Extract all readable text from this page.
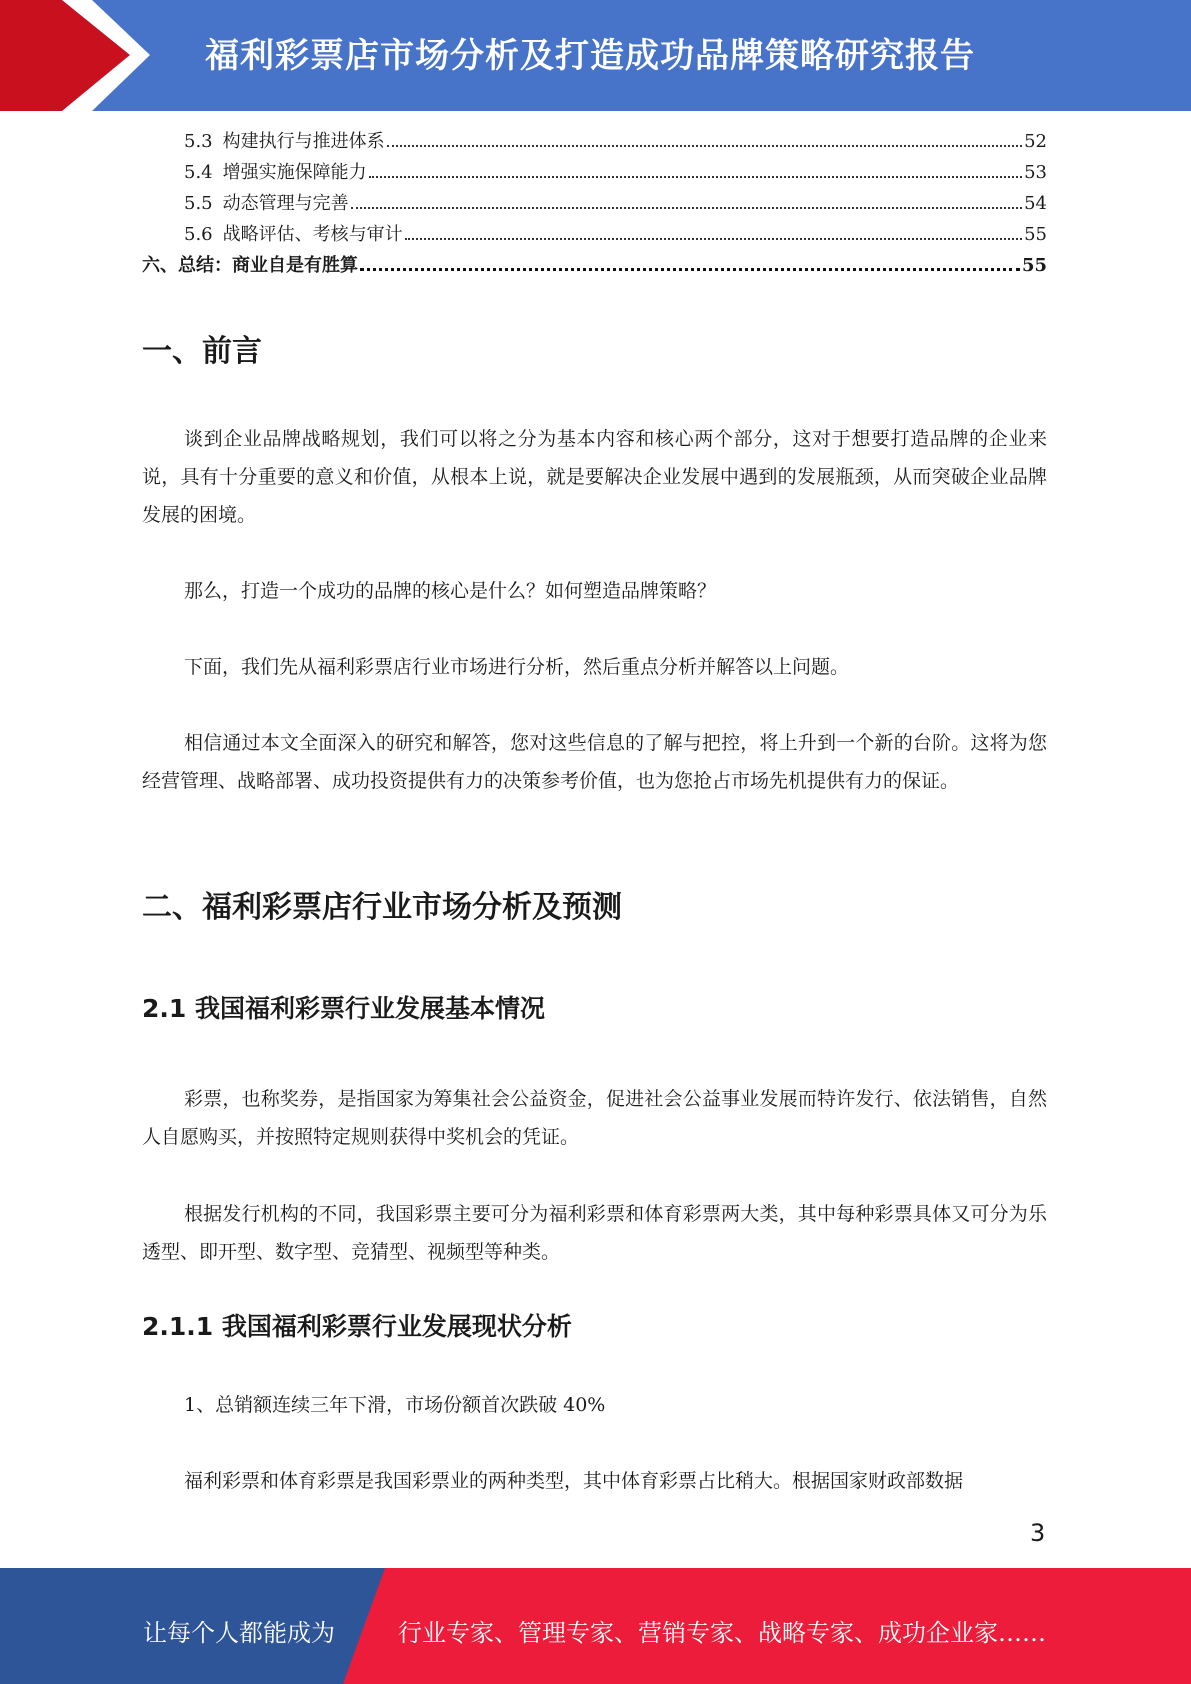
福利彩票店市场分析及打造成功品牌策略研究报告
5.3 构建执行与推进体系	52
5.4 增强实施保障能力	53
5.5 动态管理与完善	54
5.6 战略评估、考核与审计	55
六、总结：商业自是有胜算	55
一、前言

谈到企业品牌战略规划，我们可以将之分为基本内容和核心两个部分，这对于想要打造品牌的企业来说，具有十分重要的意义和价值，从根本上说，就是要解决企业发展中遇到的发展瓶颈，从而突破企业品牌发展的困境。

那么，打造一个成功的品牌的核心是什么？如何塑造品牌策略？

下面，我们先从福利彩票店行业市场进行分析，然后重点分析并解答以上问题。

相信通过本文全面深入的研究和解答，您对这些信息的了解与把控，将上升到一个新的台阶。这将为您经营管理、战略部署、成功投资提供有力的决策参考价值，也为您抢占市场先机提供有力的保证。

二、福利彩票店行业市场分析及预测
2.1 我国福利彩票行业发展基本情况

彩票，也称奖券，是指国家为筹集社会公益资金，促进社会公益事业发展而特许发行、依法销售，自然人自愿购买，并按照特定规则获得中奖机会的凭证。

根据发行机构的不同，我国彩票主要可分为福利彩票和体育彩票两大类，其中每种彩票具体又可分为乐透型、即开型、数字型、竞猜型、视频型等种类。

2.1.1 我国福利彩票行业发展现状分析

1、总销额连续三年下滑，市场份额首次跌破 40%

福利彩票和体育彩票是我国彩票业的两种类型，其中体育彩票占比稍大。根据国家财政部数据

3
让每个人都能成为	行业专家、管理专家、营销专家、战略专家、成功企业家……
